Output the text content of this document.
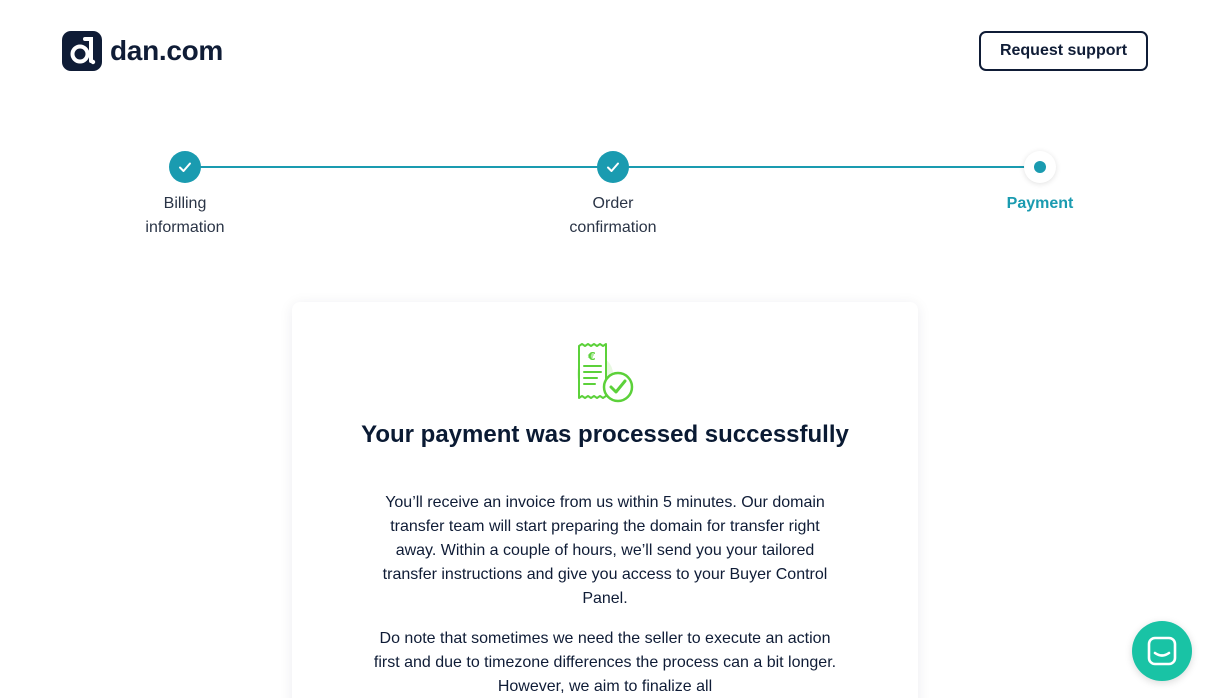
dan.com	Request support
Billing
information
Order
confirmation
Payment
€
Your payment was processed successfully

You’ll receive an invoice from us within 5 minutes. Our domain transfer team will start preparing the domain for transfer right away. Within a couple of hours, we’ll send you your tailored transfer instructions and give you access to your Buyer Control Panel.

Do note that sometimes we need the seller to execute an action first and due to timezone differences the process can a bit longer. However, we aim to finalize all
